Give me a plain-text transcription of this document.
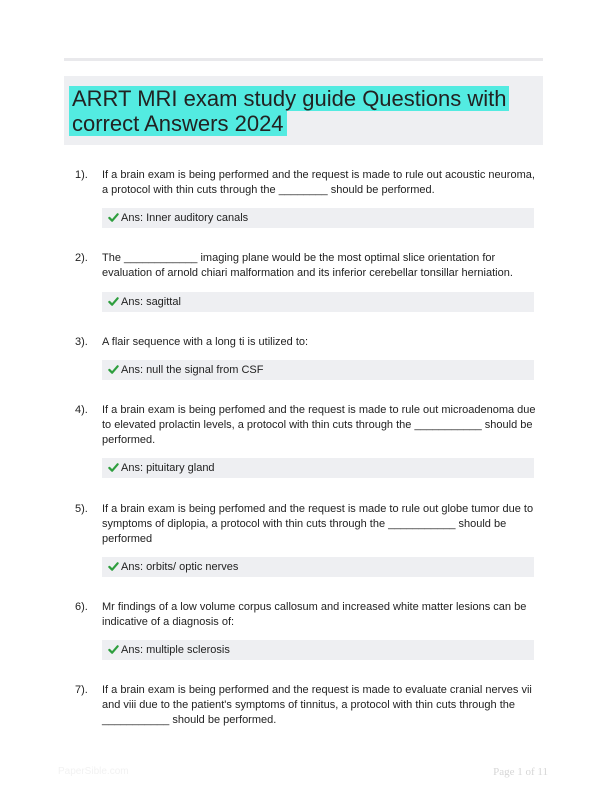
ARRT MRI exam study guide Questions with correct Answers 2024
1). If a brain exam is being performed and the request is made to rule out acoustic neuroma, a protocol with thin cuts through the ________ should be performed.
Ans: Inner auditory canals
2). The ____________ imaging plane would be the most optimal slice orientation for evaluation of arnold chiari malformation and its inferior cerebellar tonsillar herniation.
Ans: sagittal
3). A flair sequence with a long ti is utilized to:
Ans: null the signal from CSF
4). If a brain exam is being perfomed and the request is made to rule out microadenoma due to elevated prolactin levels, a protocol with thin cuts through the ___________ should be performed.
Ans: pituitary gland
5). If a brain exam is being perfomed and the request is made to rule out globe tumor due to symptoms of diplopia, a protocol with thin cuts through the ___________ should be performed
Ans: orbits/ optic nerves
6). Mr findings of a low volume corpus callosum and increased white matter lesions can be indicative of a diagnosis of:
Ans: multiple sclerosis
7). If a brain exam is being performed and the request is made to evaluate cranial nerves vii and viii due to the patient's symptoms of tinnitus, a protocol with thin cuts through the ___________ should be performed.
PaperSible.com	Page 1 of 11
